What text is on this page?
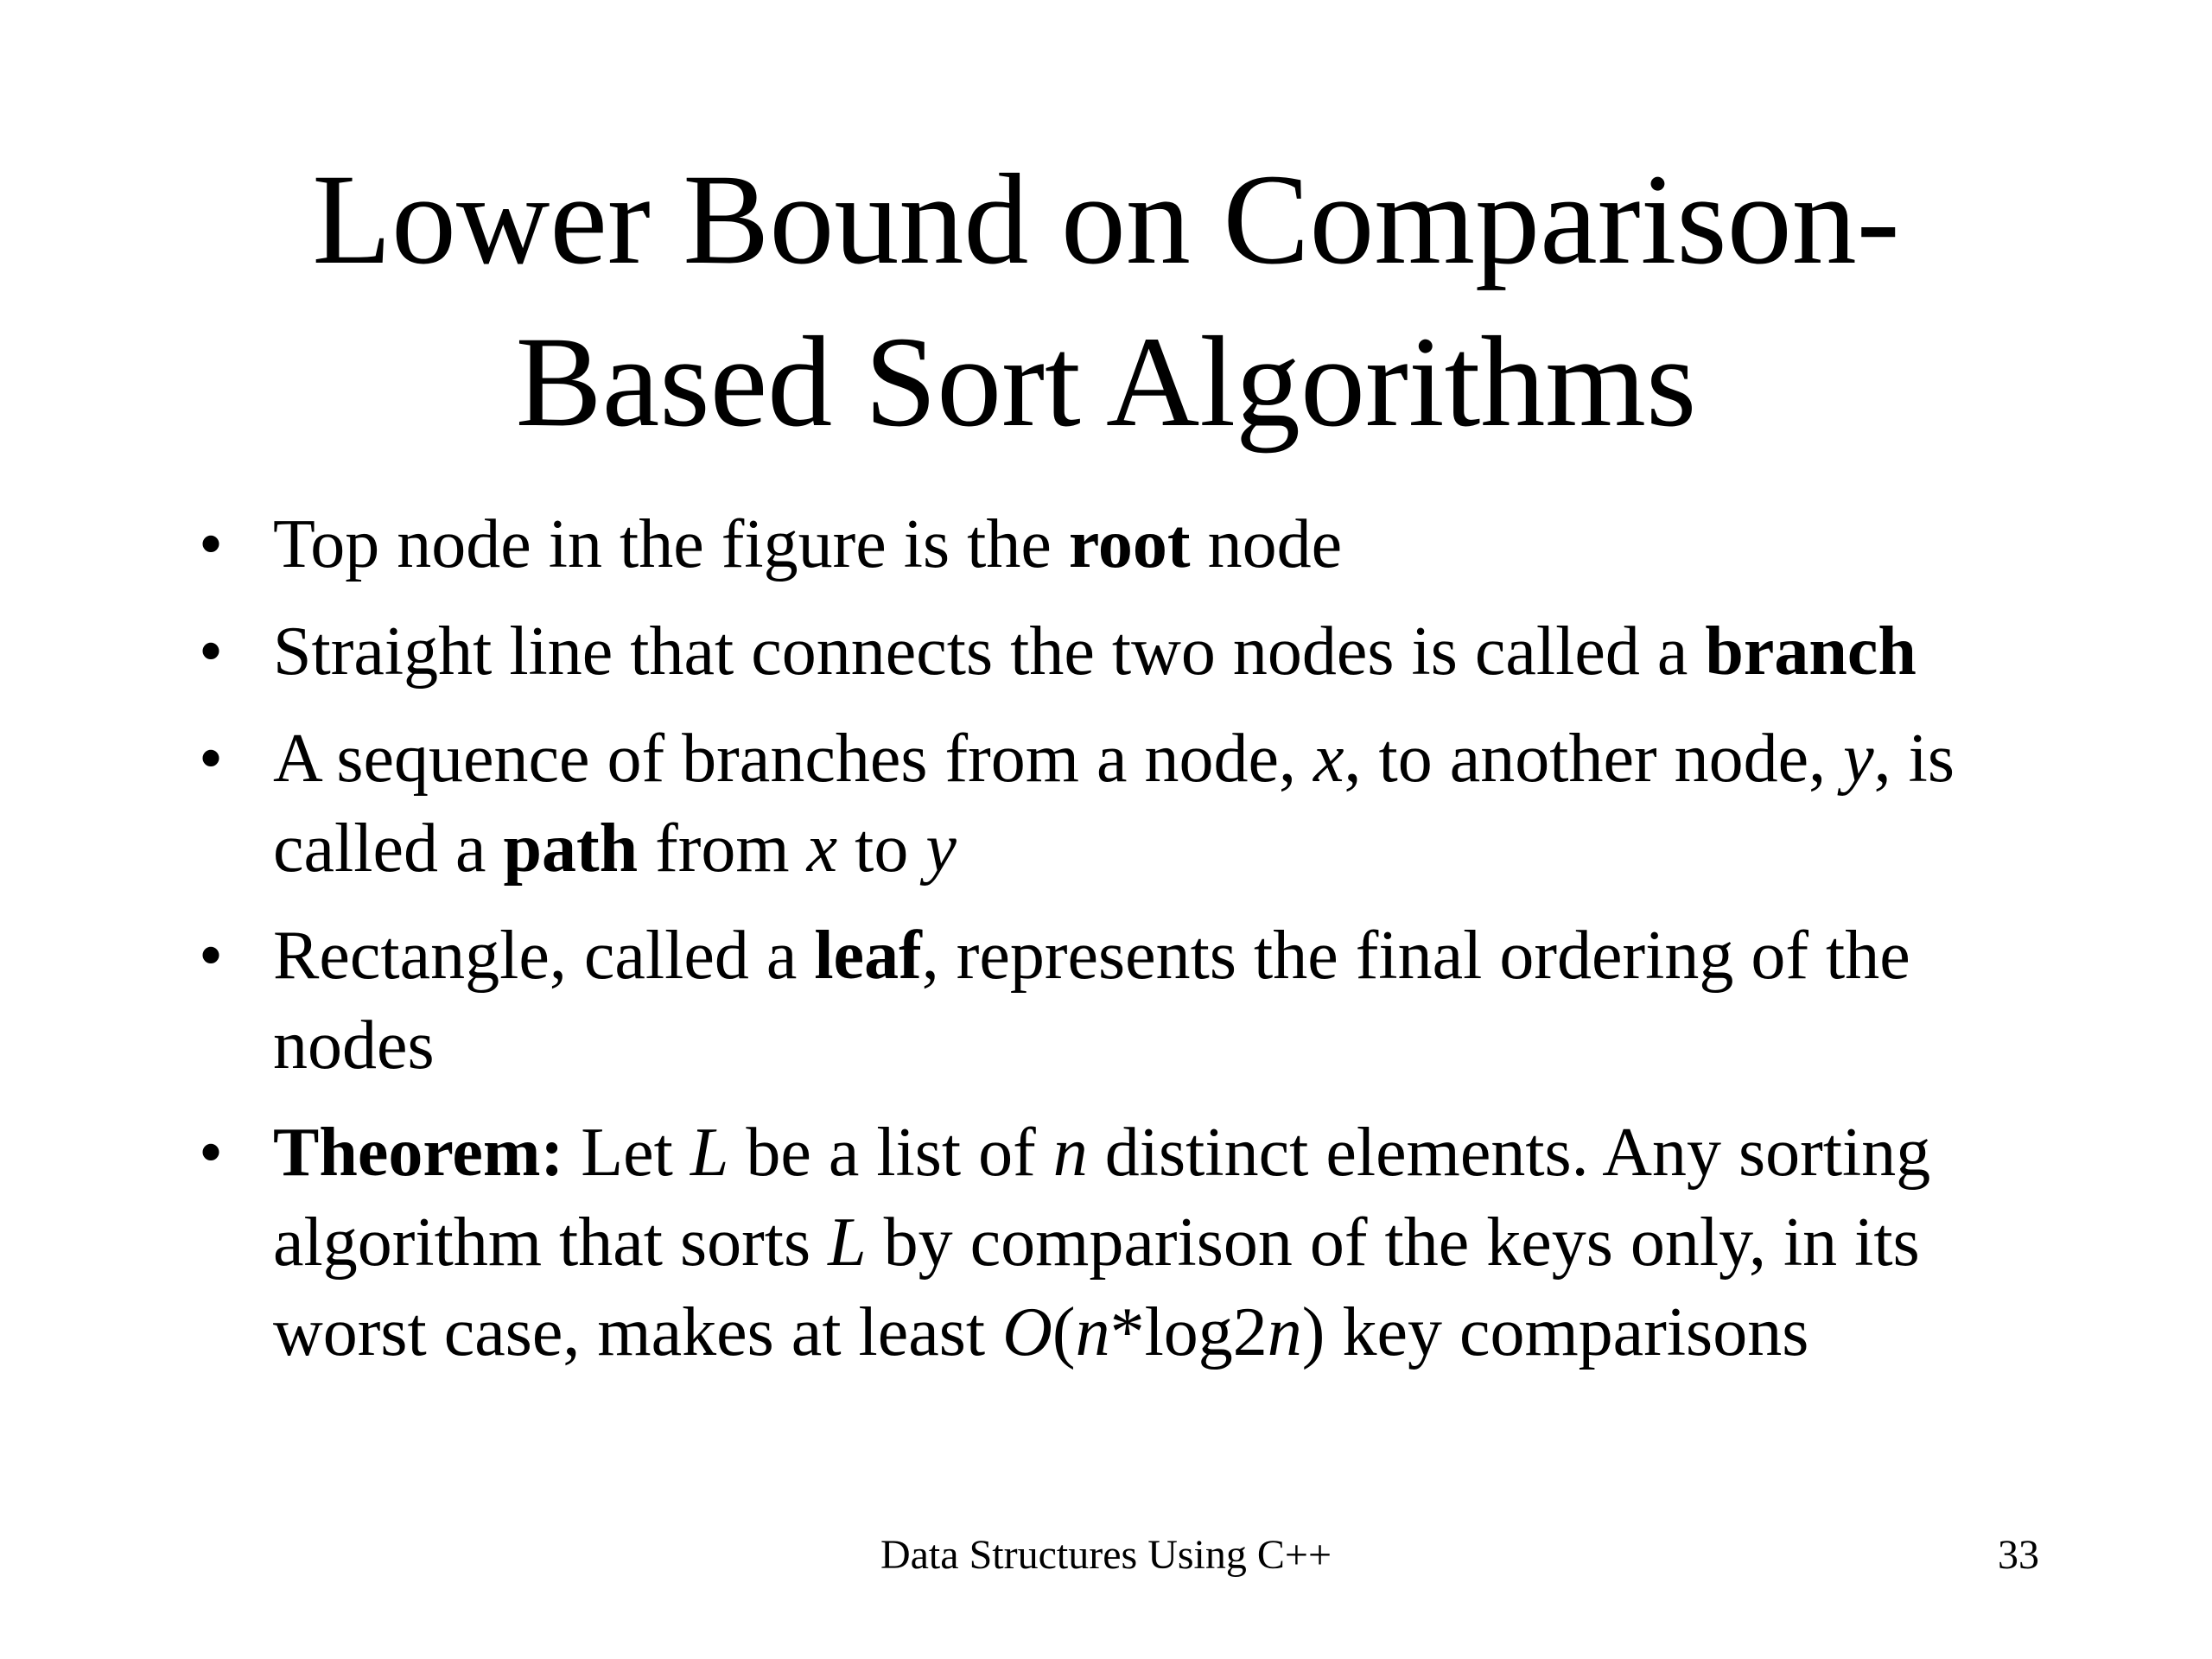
Lower Bound on Comparison-
Based Sort Algorithms
• Top node in the figure is the root node
• Straight line that connects the two nodes is called a branch
• A sequence of branches from a node, x, to another node, y, is called a path from x to y
• Rectangle, called a leaf, represents the final ordering of the nodes
• Theorem: Let L be a list of n distinct elements. Any sorting algorithm that sorts L by comparison of the keys only, in its worst case, makes at least O(n*log2n) key comparisons
Data Structures Using C++	33
